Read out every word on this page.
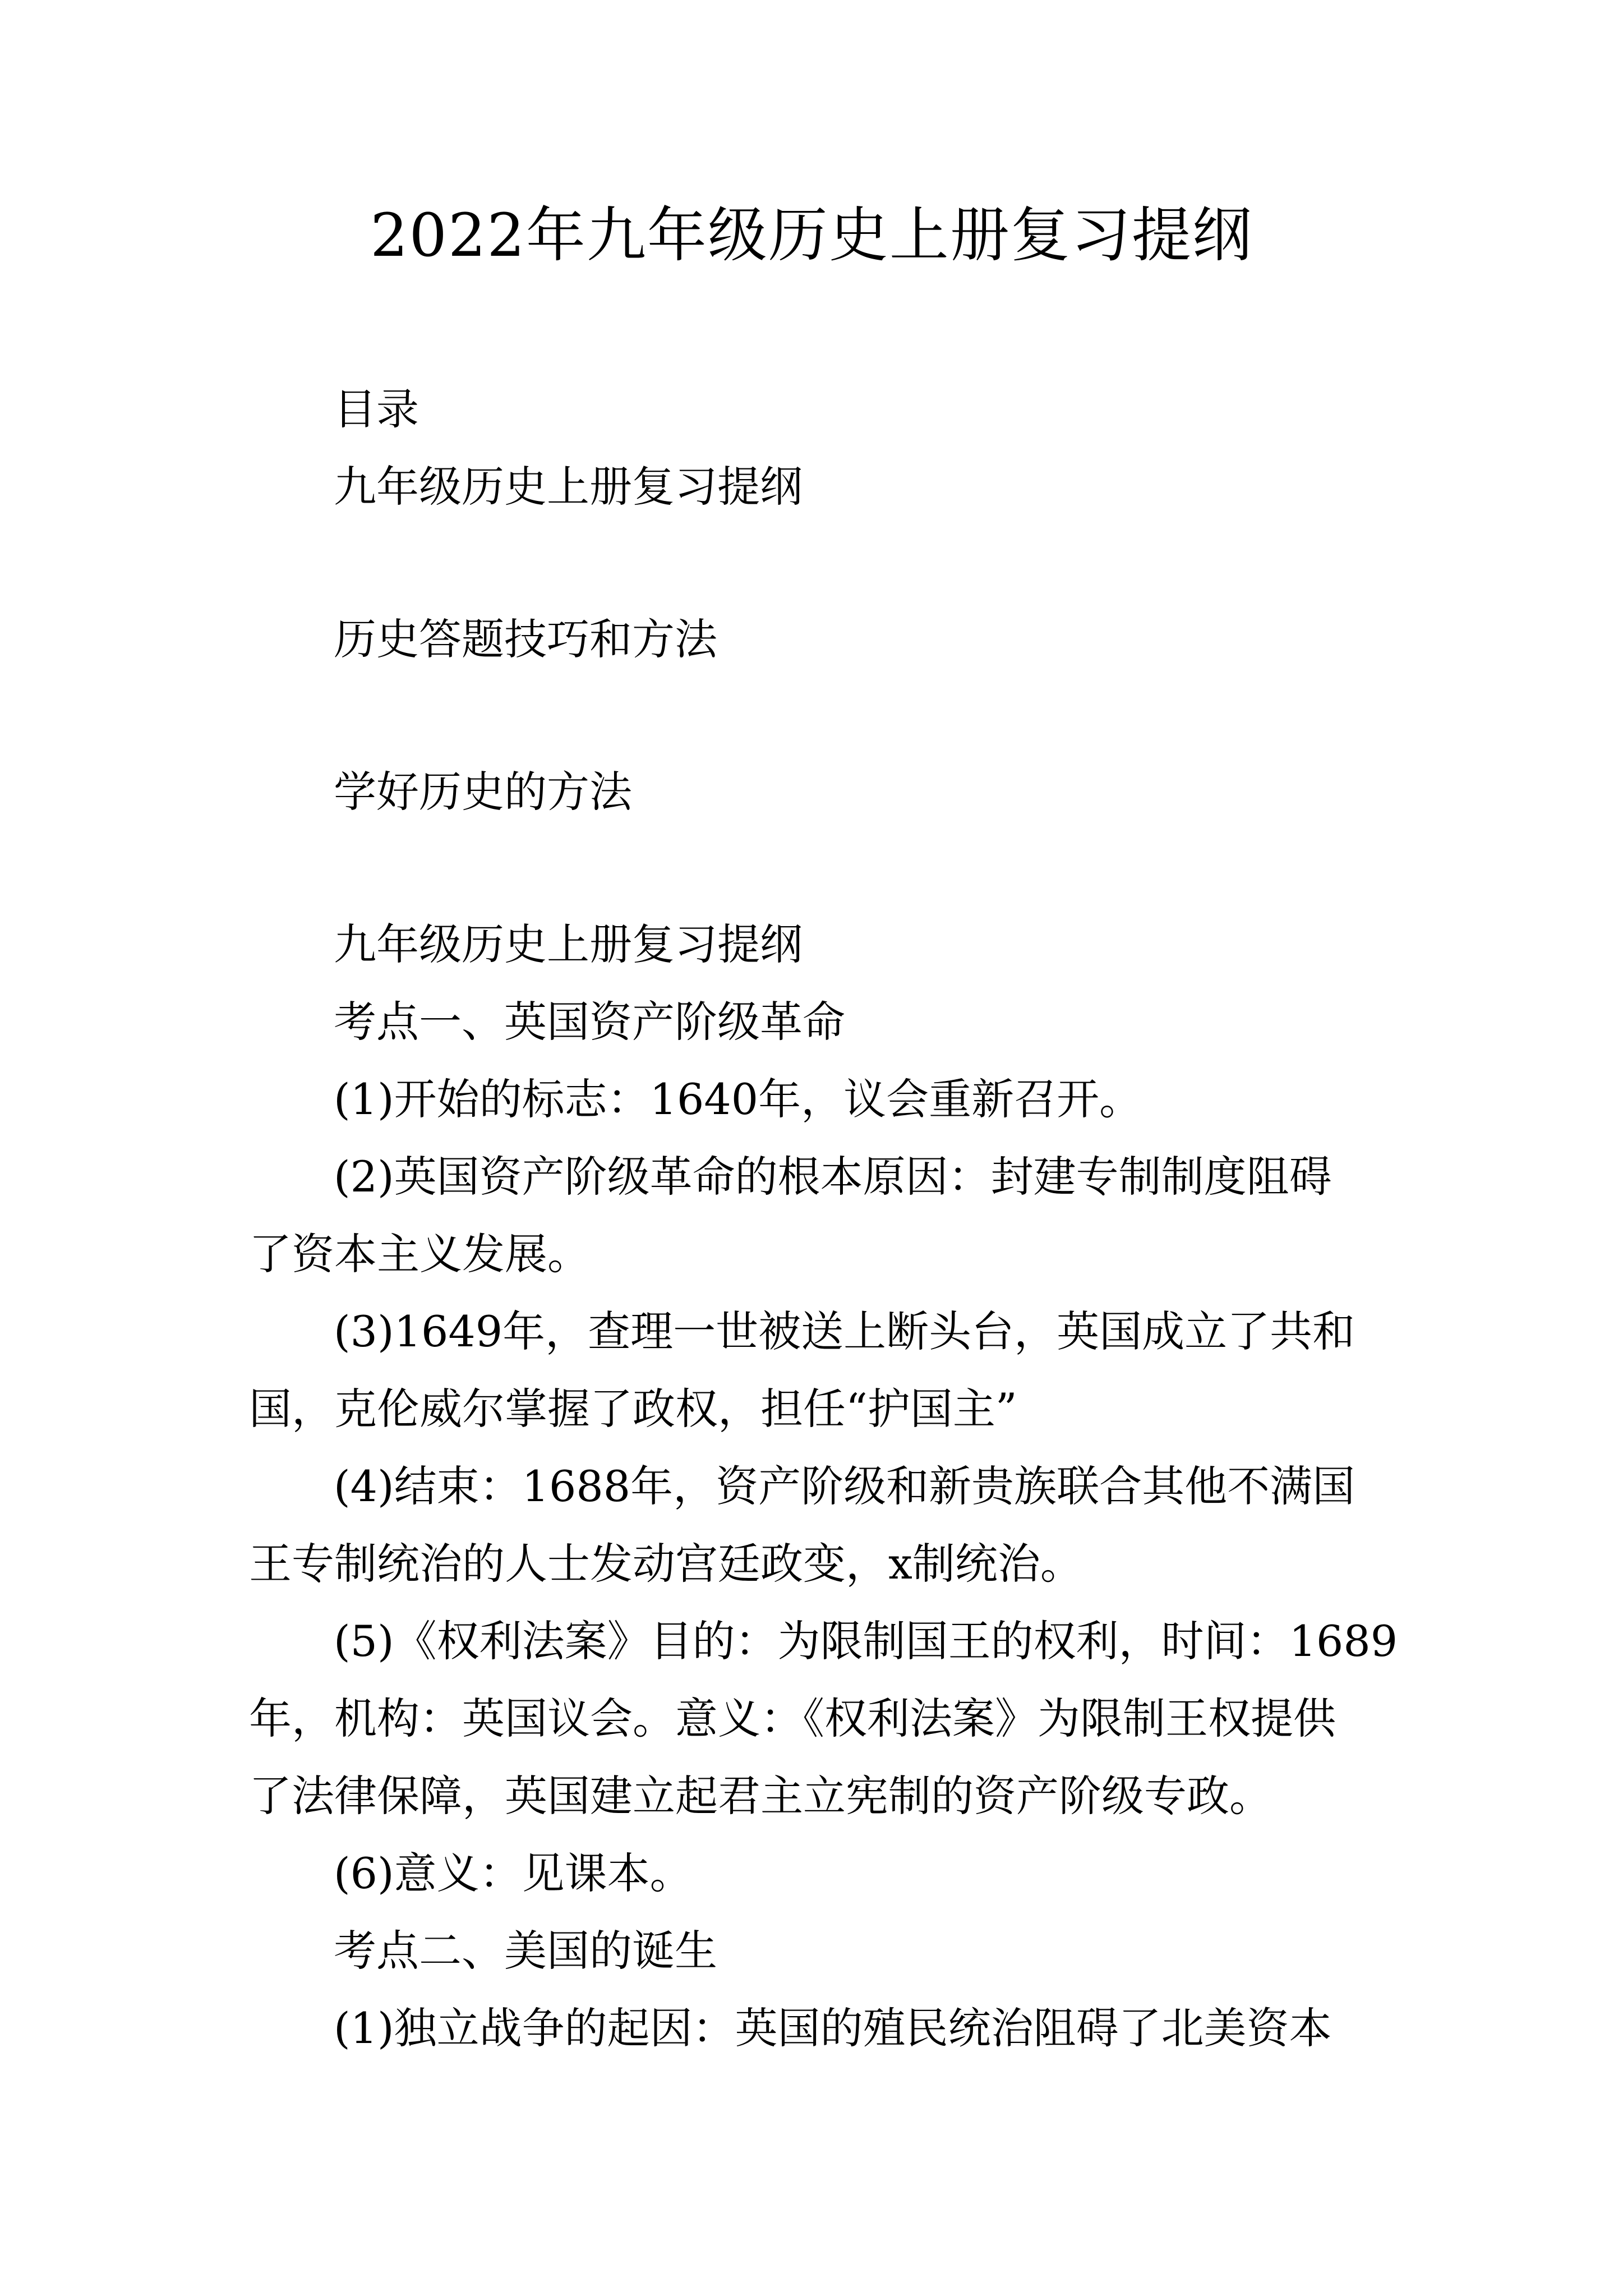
2022年九年级历史上册复习提纲

目录

九年级历史上册复习提纲

历史答题技巧和方法

学好历史的方法

九年级历史上册复习提纲

考点一、英国资产阶级革命

(1)开始的标志：1640年，议会重新召开。

(2)英国资产阶级革命的根本原因：封建专制制度阻碍

了资本主义发展。

(3)1649年，查理一世被送上断头台，英国成立了共和

国，克伦威尔掌握了政权，担任“护国主”

(4)结束：1688年，资产阶级和新贵族联合其他不满国

王专制统治的人士发动宫廷政变，x制统治。

(5)《权利法案》目的：为限制国王的权利，时间：1689

年，机构：英国议会。意义：《权利法案》为限制王权提供

了法律保障，英国建立起君主立宪制的资产阶级专政。

(6)意义：见课本。

考点二、美国的诞生

(1)独立战争的起因：英国的殖民统治阻碍了北美资本
